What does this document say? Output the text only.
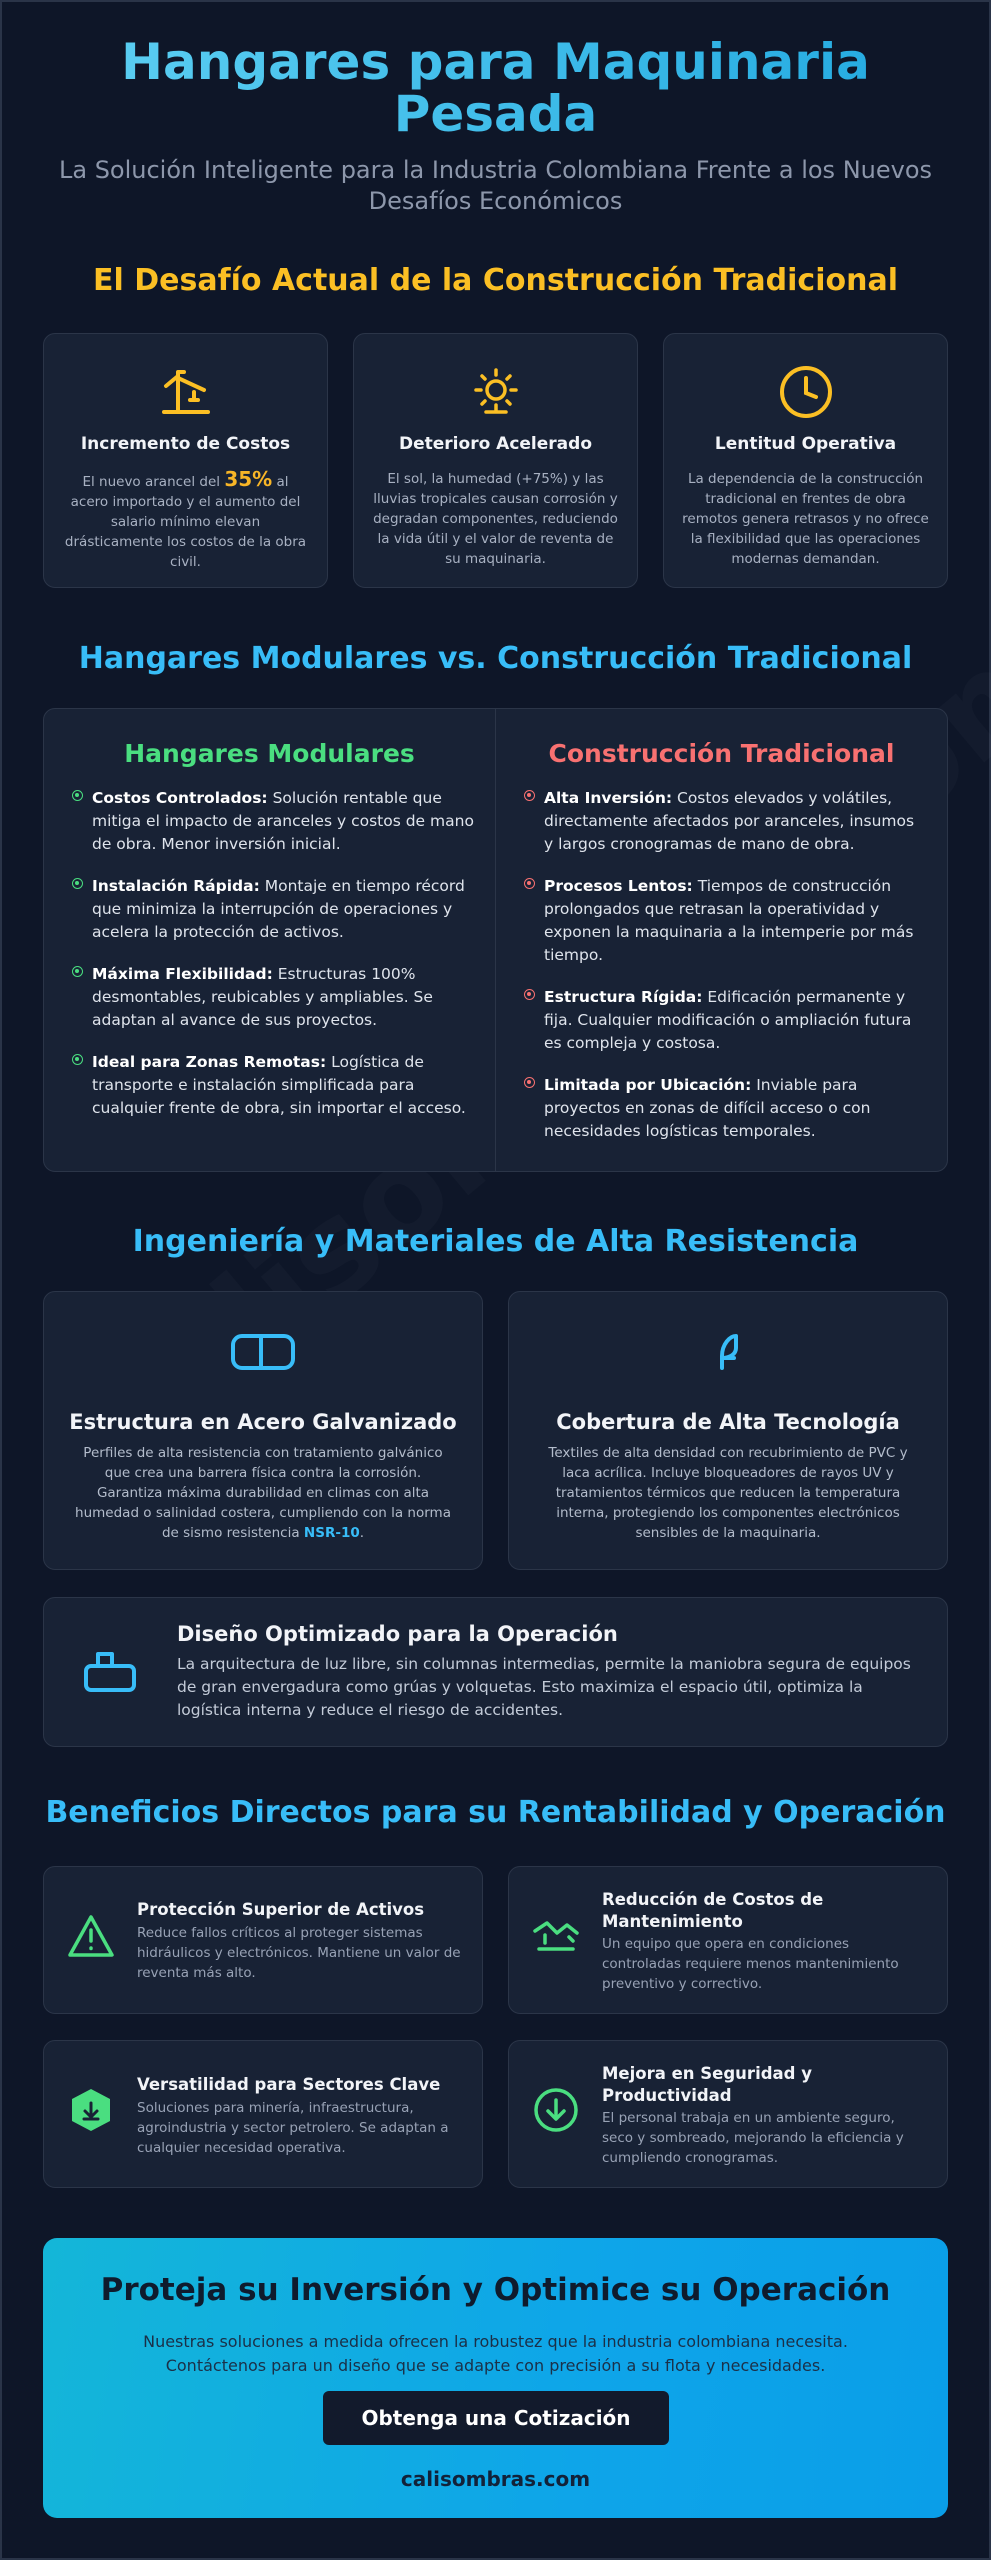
Hangares para Maquinaria Pesada

La Solución Inteligente para la Industria Colombiana Frente a los Nuevos Desafíos Económicos

El Desafío Actual de la Construcción Tradicional
Incremento de Costos

El nuevo arancel del 35% al acero importado y el aumento del salario mínimo elevan drásticamente los costos de la obra civil.

Deterioro Acelerado

El sol, la humedad (+75%) y las lluvias tropicales causan corrosión y degradan componentes, reduciendo la vida útil y el valor de reventa de su maquinaria.

Lentitud Operativa

La dependencia de la construcción tradicional en frentes de obra remotos genera retrasos y no ofrece la flexibilidad que las operaciones modernas demandan.

Hangares Modulares vs. Construcción Tradicional
Hangares Modulares
Costos Controlados: Solución rentable que mitiga el impacto de aranceles y costos de mano de obra. Menor inversión inicial.
Instalación Rápida: Montaje en tiempo récord que minimiza la interrupción de operaciones y acelera la protección de activos.
Máxima Flexibilidad: Estructuras 100% desmontables, reubicables y ampliables. Se adaptan al avance de sus proyectos.
Ideal para Zonas Remotas: Logística de transporte e instalación simplificada para cualquier frente de obra, sin importar el acceso.
Construcción Tradicional
Alta Inversión: Costos elevados y volátiles, directamente afectados por aranceles, insumos y largos cronogramas de mano de obra.
Procesos Lentos: Tiempos de construcción prolongados que retrasan la operatividad y exponen la maquinaria a la intemperie por más tiempo.
Estructura Rígida: Edificación permanente y fija. Cualquier modificación o ampliación futura es compleja y costosa.
Limitada por Ubicación: Inviable para proyectos en zonas de difícil acceso o con necesidades logísticas temporales.
Ingeniería y Materiales de Alta Resistencia
Estructura en Acero Galvanizado

Perfiles de alta resistencia con tratamiento galvánico que crea una barrera física contra la corrosión. Garantiza máxima durabilidad en climas con alta humedad o salinidad costera, cumpliendo con la norma de sismo resistencia NSR-10.

Cobertura de Alta Tecnología

Textiles de alta densidad con recubrimiento de PVC y laca acrílica. Incluye bloqueadores de rayos UV y tratamientos térmicos que reducen la temperatura interna, protegiendo los componentes electrónicos sensibles de la maquinaria.

Diseño Optimizado para la Operación

La arquitectura de luz libre, sin columnas intermedias, permite la maniobra segura de equipos de gran envergadura como grúas y volquetas. Esto maximiza el espacio útil, optimiza la logística interna y reduce el riesgo de accidentes.

Beneficios Directos para su Rentabilidad y Operación
Protección Superior de Activos

Reduce fallos críticos al proteger sistemas hidráulicos y electrónicos. Mantiene un valor de reventa más alto.

Reducción de Costos de Mantenimiento

Un equipo que opera en condiciones controladas requiere menos mantenimiento preventivo y correctivo.

Versatilidad para Sectores Clave

Soluciones para minería, infraestructura, agroindustria y sector petrolero. Se adaptan a cualquier necesidad operativa.

Mejora en Seguridad y Productividad

El personal trabaja en un ambiente seguro, seco y sombreado, mejorando la eficiencia y cumpliendo cronogramas.

Proteja su Inversión y Optimice su Operación

Nuestras soluciones a medida ofrecen la robustez que la industria colombiana necesita. Contáctenos para un diseño que se adapte con precisión a su flota y necesidades.

Obtenga una Cotización
calisombras.com
